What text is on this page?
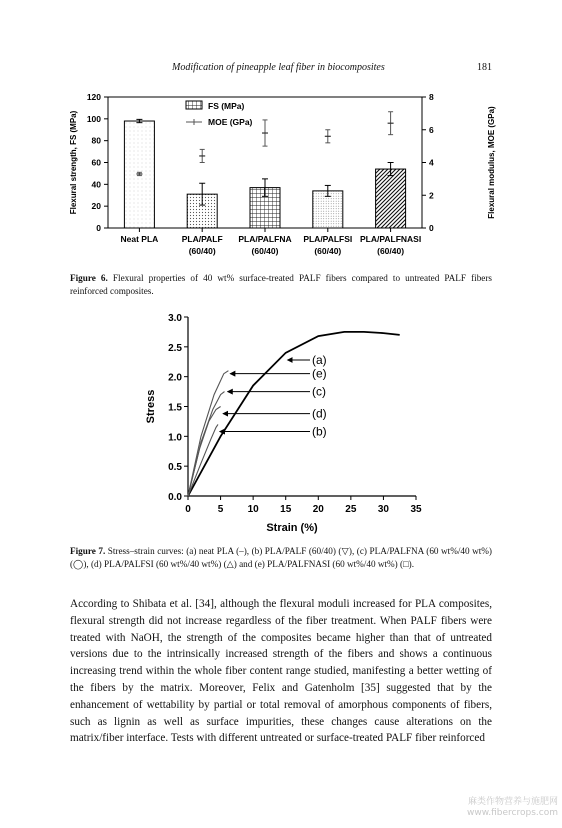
Modification of pineapple leaf fiber in biocomposites	181
0
20
40
60
80
100
120
0
2
4
6
8
Flexural strength, FS (MPa)	Flexural modulus, MOE (GPa)
Neat PLA	PLA/PALF
(60/40)
PLA/PALFNA
(60/40)
PLA/PALFSI
(60/40)
PLA/PALFNASI
(60/40)
FS (MPa)
MOE (GPa)
Figure 6. Flexural properties of 40 wt% surface-treated PALF fibers compared to untreated PALF fibers reinforced composites.
0	5 10 15 20 25 30 35
0.0
0.5
1.0
1.5
2.0
2.5
3.0
Strain (%)
Stress
(a)
(e)
(c)
(d)
(b)
Figure 7. Stress–strain curves: (a) neat PLA (–), (b) PLA/PALF (60/40) (▽), (c) PLA/PALFNA (60 wt%/40 wt%) (◯), (d) PLA/PALFSI (60 wt%/40 wt%) (△) and (e) PLA/PALFNASI (60 wt%/40 wt%) (□).

According to Shibata et al. [34], although the flexural moduli increased for PLA composites, flexural strength did not increase regardless of the fiber treatment. When PALF fibers were treated with NaOH, the strength of the composites became higher than that of untreated versions due to the intrinsically increased strength of the fibers and shows a continuous increasing trend within the whole fiber content range studied, manifesting a better wetting of the fibers by the matrix. Moreover, Felix and Gatenholm [35] suggested that by the enhancement of wettability by partial or total removal of amorphous components of fibers, such as lignin as well as surface impurities, these changes cause alterations on the matrix/fiber interface. Tests with different untreated or surface-treated PALF fiber reinforced

麻类作物营养与施肥网
www.fibercrops.com
